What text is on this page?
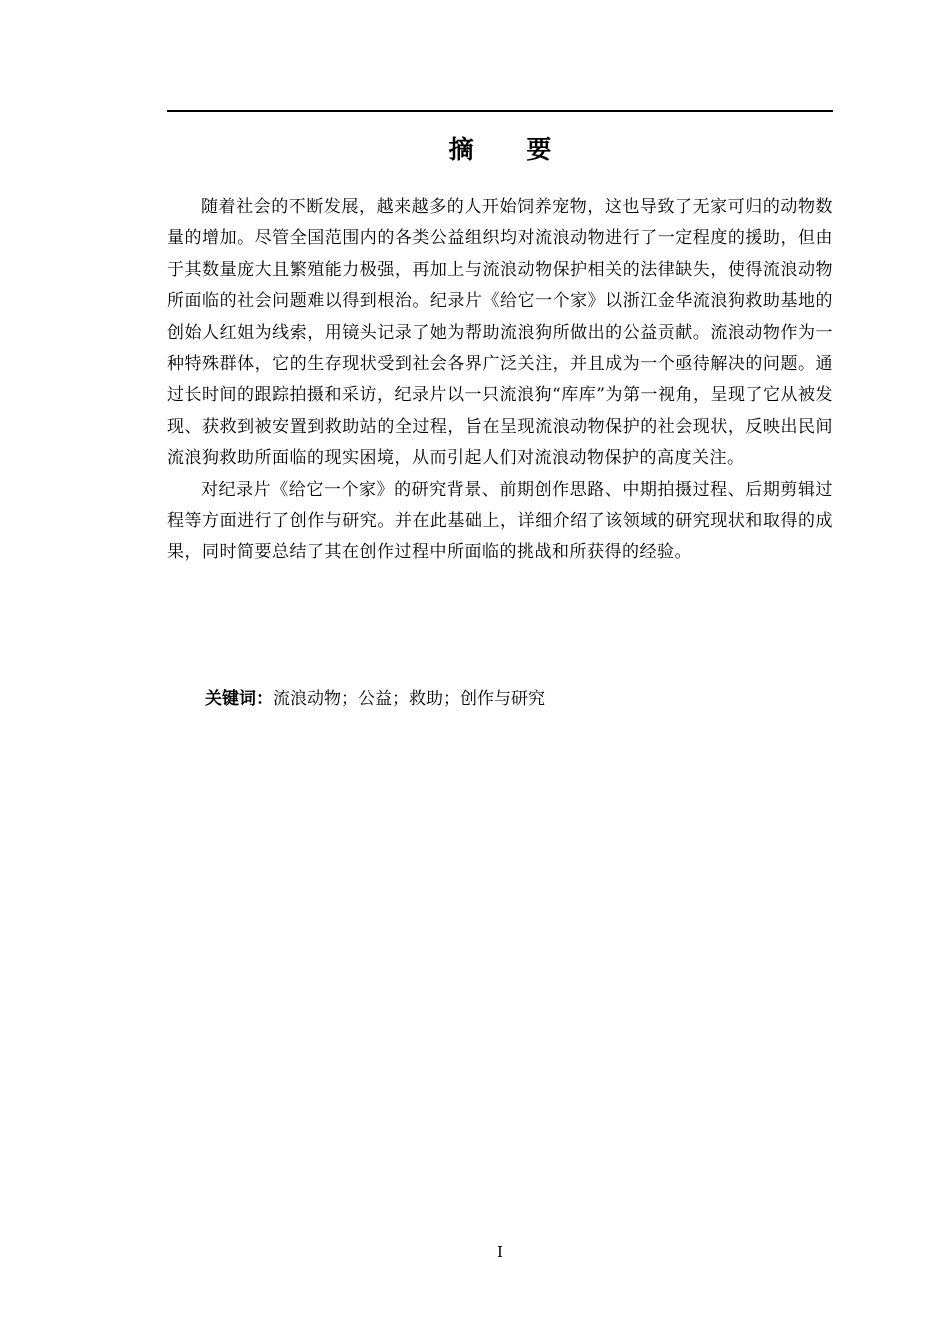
摘 要

随着社会的不断发展，越来越多的人开始饲养宠物，这也导致了无家可归的动物数量的增加。尽管全国范围内的各类公益组织均对流浪动物进行了一定程度的援助，但由于其数量庞大且繁殖能力极强，再加上与流浪动物保护相关的法律缺失，使得流浪动物所面临的社会问题难以得到根治。纪录片《给它一个家》以浙江金华流浪狗救助基地的创始人红姐为线索，用镜头记录了她为帮助流浪狗所做出的公益贡献。流浪动物作为一种特殊群体，它的生存现状受到社会各界广泛关注，并且成为一个亟待解决的问题。通过长时间的跟踪拍摄和采访，纪录片以一只流浪狗“库库”为第一视角，呈现了它从被发现、获救到被安置到救助站的全过程，旨在呈现流浪动物保护的社会现状，反映出民间流浪狗救助所面临的现实困境，从而引起人们对流浪动物保护的高度关注。

对纪录片《给它一个家》的研究背景、前期创作思路、中期拍摄过程、后期剪辑过程等方面进行了创作与研究。并在此基础上，详细介绍了该领域的研究现状和取得的成果，同时简要总结了其在创作过程中所面临的挑战和所获得的经验。

关键词：流浪动物；公益；救助；创作与研究
I
